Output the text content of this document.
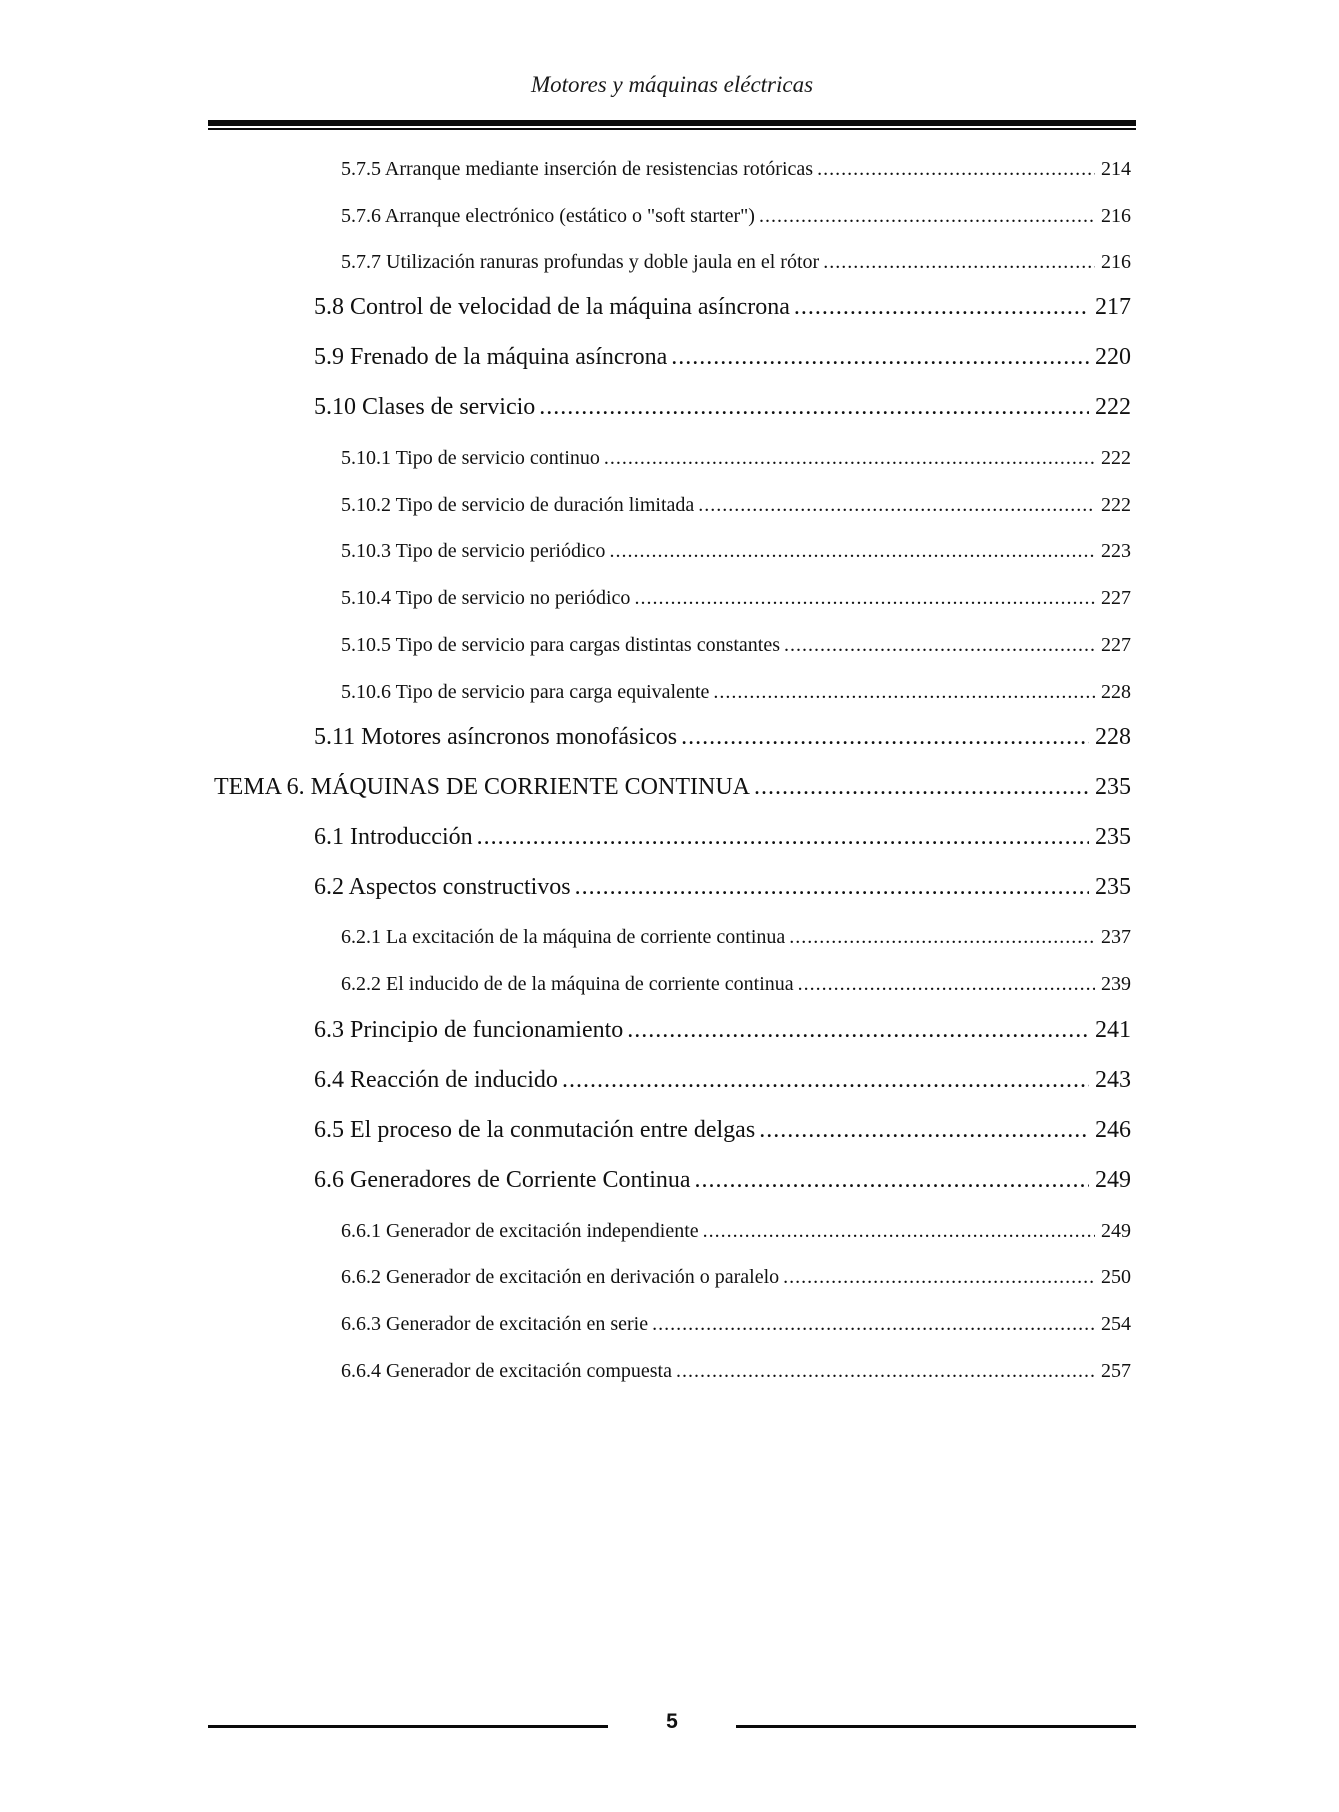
Motores y máquinas eléctricas
5.7.5 Arranque mediante inserción de resistencias rotóricas .....	214
5.7.6 Arranque electrónico (estático o "soft starter") .....	216
5.7.7 Utilización ranuras profundas y doble jaula en el rótor .....	216
5.8 Control de velocidad de la máquina asíncrona .....	217
5.9 Frenado de la máquina asíncrona .....	220
5.10 Clases de servicio .....	222
5.10.1 Tipo de servicio continuo .....	222
5.10.2 Tipo de servicio de duración limitada .....	222
5.10.3 Tipo de servicio periódico .....	223
5.10.4 Tipo de servicio no periódico .....	227
5.10.5 Tipo de servicio para cargas distintas constantes .....	227
5.10.6 Tipo de servicio para carga equivalente .....	228
5.11 Motores asíncronos monofásicos .....	228
TEMA 6. MÁQUINAS DE CORRIENTE CONTINUA .....	235
6.1 Introducción .....	235
6.2 Aspectos constructivos .....	235
6.2.1 La excitación de la máquina de corriente continua .....	237
6.2.2 El inducido de de la máquina de corriente continua .....	239
6.3 Principio de funcionamiento .....	241
6.4 Reacción de inducido .....	243
6.5 El proceso de la conmutación entre delgas .....	246
6.6 Generadores de Corriente Continua .....	249
6.6.1 Generador de excitación independiente .....	249
6.6.2 Generador de excitación en derivación o paralelo .....	250
6.6.3 Generador de excitación en serie .....	254
6.6.4 Generador de excitación compuesta .....	257
5
